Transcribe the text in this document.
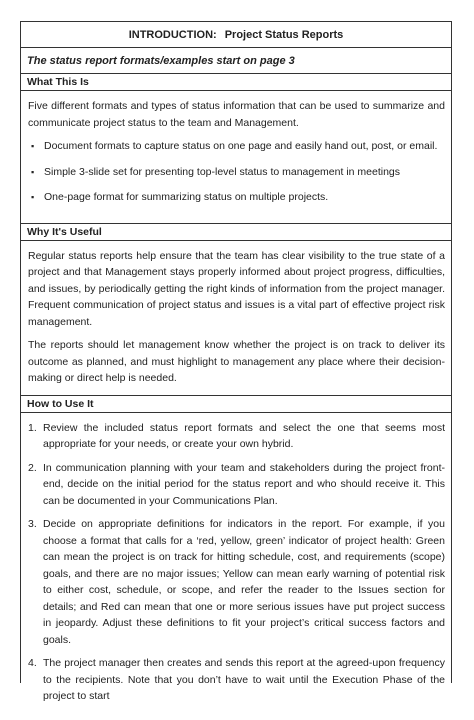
INTRODUCTION: Project Status Reports
The status report formats/examples start on page 3
What This Is

Five different formats and types of status information that can be used to summarize and communicate project status to the team and Management.

▪ Document formats to capture status on one page and easily hand out, post, or email.
▪ Simple 3-slide set for presenting top-level status to management in meetings
▪ One-page format for summarizing status on multiple projects.
Why It's Useful

Regular status reports help ensure that the team has clear visibility to the true state of a project and that Management stays properly informed about project progress, difficulties, and issues, by periodically getting the right kinds of information from the project manager. Frequent communication of project status and issues is a vital part of effective project risk management.

The reports should let management know whether the project is on track to deliver its outcome as planned, and must highlight to management any place where their decision-making or direct help is needed.

How to Use It
1. Review the included status report formats and select the one that seems most appropriate for your needs, or create your own hybrid.
2. In communication planning with your team and stakeholders during the project front-end, decide on the initial period for the status report and who should receive it. This can be documented in your Communications Plan.
3. Decide on appropriate definitions for indicators in the report. For example, if you choose a format that calls for a ‘red, yellow, green’ indicator of project health: Green can mean the project is on track for hitting schedule, cost, and requirements (scope) goals, and there are no major issues; Yellow can mean early warning of potential risk to either cost, schedule, or scope, and refer the reader to the Issues section for details; and Red can mean that one or more serious issues have put project success in jeopardy. Adjust these definitions to fit your project’s critical success factors and goals.
4. The project manager then creates and sends this report at the agreed-upon frequency to the recipients. Note that you don’t have to wait until the Execution Phase of the project to start
